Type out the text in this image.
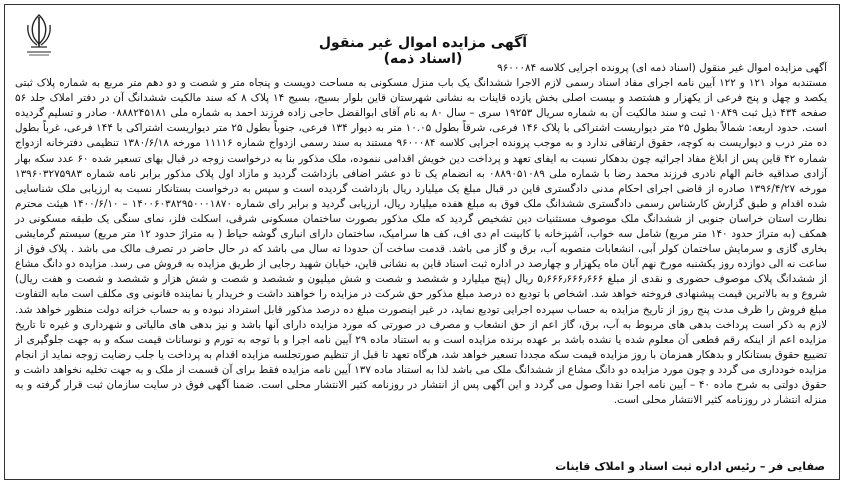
آگهی مزایده اموال غیر منقول (اسناد ذمه)

آگهی مزایده اموال غیر منقول (اسناد ذمه ای) پرونده اجرایی کلاسه ۹۶۰۰۰۸۴

مستندبه مواد ۱۲۱ و ۱۲۲ آیین نامه اجرای مفاد اسناد رسمی لازم الاجرا ششدانگ یک باب منزل مسکونی به مساحت دویست و پنجاه متر و شصت و دو دهم متر مربع به شماره پلاک ثبتی یکصد و چهل و پنج فرعی از یکهزار و هشتصد و بیست اصلی بخش یازده قاینات به نشانی شهرستان قاین بلوار بسیج، بسیج ۱۴ پلاک ۸ که سند مالکیت ششدانگ آن در دفتر املاک جلد ۵۶ صفحه ۴۳۴ ذیل ثبت ۱۰۸۴۹ ثبت و سند مالکیت آن به شماره سریال ۱۹۲۵۳ سری – سال ۸۰ به نام آقای ابوالفضل حاجی زاده فرزند احمد به شماره ملی ۰۸۸۸۲۴۵۱۸۱ صادر و تسلیم گردیده است. حدود اربعه: شمالاً بطول ۲۵ متر دیواریست اشتراکی با پلاک ۱۴۶ فرعی، شرقاً بطول ۱۰.۰۵ متر به دیوار ۱۳۴ فرعی، جنوباً بطول ۲۵ متر دیواریست اشتراکی با ۱۴۴ فرعی، غرباً بطول ده متر درب و دیواریست به کوچه، حقوق ارتفاقی ندارد و به موجب پرونده اجرایی کلاسه ۹۶۰۰۰۸۴ مستند به سند رسمی ازدواج شماره ۱۱۱۱۶ مورخه ۱۳۸۰/۶/۱۸ تنظیمی دفترخانه ازدواج شماره ۴۲ قاین پس از ابلاغ مفاد اجرائیه چون بدهکار نسبت به ایفای تعهد و پرداخت دین خویش اقدامی ننموده، ملک مذکور بنا به درخواست زوجه در قبال بهای تسعیر شده ۶۰ عدد سکه بهار آزادی صداقیه خانم الهام نادری فرزند محمد رضا با شماره ملی ۰۸۸۹۰۵۱۰۸۹ به انضمام یک تا دو عشر اضافی بازداشت گردید و مازاد اول پلاک مذکور برابر نامه شماره ۱۳۹۶۰۳۲۷۵۹۸۳ مورخه ۱۳۹۶/۴/۲۷ صادره از قاضی اجرای احکام مدنی دادگستری قاین در قبال مبلغ یک میلیارد ریال بازداشت گردیده است و سپس به درخواست بستانکار نسبت به ارزیابی ملک شناسایی شده اقدام و طبق گزارش کارشناس رسمی دادگستری ششدانگ ملک فوق به مبلغ هفده میلیارد ریال، ارزیابی گردید و برابر رای شماره ۱۴۰۰۶۰۳۸۲۹۵۰۰۰۱۸۷۰ – ۱۴۰۰/۶/۱۰ هیئت محترم نظارت استان خراسان جنوبی از ششدانگ ملک موصوف مستثنیات دین تشخیص گردید که ملک مذکور بصورت ساختمان مسکونی شرقی، اسکلت فلز، نمای سنگی یک طبقه مسکونی در همکف (به متراژ حدود ۱۴۰ متر مربع) شامل سه خواب، آشپزخانه با کابینت ام دی اف، کف ها سرامیک، ساختمان دارای انباری گوشه حیاط ( به متراژ حدود ۱۲ متر مربع) سیستم گرمایشی بخاری گازی و سرمایش ساختمان کولر آبی، انشعابات منصوبه آب، برق و گاز می باشد. قدمت ساخت آن حدودا ته سال می باشد که در حال حاضر در تصرف مالک می باشد . پلاک فوق از ساعت نه الی دوازده روز یکشنبه مورخ نهم آبان ماه یکهزار و چهارصد در اداره ثبت اسناد قاین به نشانی قاین، خیابان شهید رجایی از طریق مزایده به فروش می رسد. مزایده دو دانگ مشاع از ششدانگ پلاک موصوف حضوری و نقدی از مبلغ ۵٫۶۶۶٫۶۶۶٫۶۶۶ ریال (پنج میلیارد و ششصد و شصت و شش میلیون و ششصد و شصت و شش هزار و ششصد و شصت و هفت ریال) شروع و به بالاترین قیمت پیشنهادی فروخته خواهد شد. اشخاص با تودیع ده درصد مبلغ مذکور حق شرکت در مزایده را خواهند داشت و خریدار یا نماینده قانونی وی مکلف است مابه التفاوت مبلغ فروش را ظرف مدت پنج روز از تاریخ مزایده به حساب سپرده اجرایی تودیع نماید، در غیر اینصورت مبلغ ده درصد مذکور قابل استرداد نبوده و به حساب خزانه دولت منظور خواهد شد. لازم به ذکر است پرداخت بدهی های مربوط به آب، برق، گاز اعم از حق انشعاب و مصرف در صورتی که مورد مزایده دارای آنها باشد و نیز بدهی های مالیاتی و شهرداری و غیره تا تاریخ مزایده اعم از اینکه رقم قطعی آن معلوم شده یا نشده باشد بر عهده برنده مزایده است و به استناد ماده ۲۹ آیین نامه اجرا و با توجه به تورم و نوسانات قیمت سکه و به جهت جلوگیری از تضییع حقوق بستانکار و بدهکار همزمان با روز مزایده قیمت سکه مجددا تسعیر خواهد شد، هرگاه تعهد تا قبل از تنظیم صورتجلسه مزایده اقدام به پرداخت یا جلب رضایت زوجه نماید از انجام مزایده خودداری می گردد و چون مورد مزایده دو دانگ مشاع از ششدانگ ملک می باشد لذا به استناد ماده ۱۳۷ آیین نامه مزایده فقط برای آن قسمت از ملک و به جهت تخلیه نخواهد داشت و حقوق دولتی به شرح ماده ۴۰ – آیین نامه اجرا نقدا وصول می گردد و این آگهی پس از انتشار در روزنامه کثیر الانتشار محلی است. ضمنا آگهی فوق در سایت سازمان ثبت قرار گرفته و به منزله انتشار در روزنامه کثیر الانتشار محلی است.

صفایی فر – رئیس اداره ثبت اسناد و املاک قاینات
